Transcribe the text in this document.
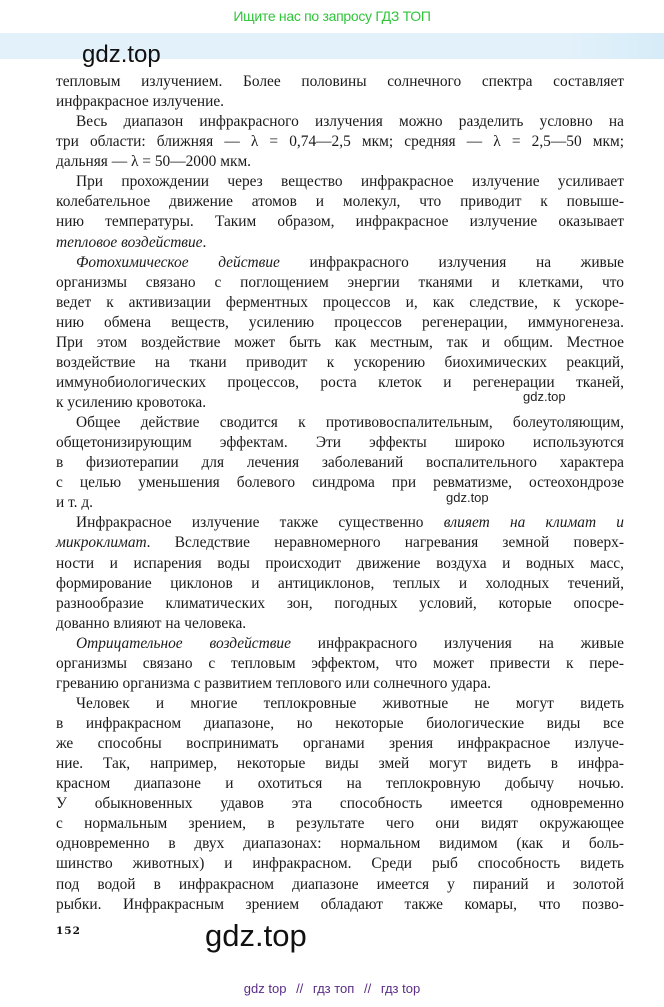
Ищите нас по запросу ГДЗ ТОП
gdz.top
тепловым излучением. Более половины солнечного спектра составляет
инфракрасное излучение.
Весь диапазон инфракрасного излучения можно разделить условно на
три области: ближняя — λ = 0,74—2,5 мкм; средняя — λ = 2,5—50 мкм;
дальняя — λ = 50—2000 мкм.
При прохождении через вещество инфракрасное излучение усиливает
колебательное движение атомов и молекул, что приводит к повыше-
нию температуры. Таким образом, инфракрасное излучение оказывает
тепловое воздействие.
Фотохимическое действие инфракрасного излучения на живые
организмы связано с поглощением энергии тканями и клетками, что
ведет к активизации ферментных процессов и, как следствие, к ускоре-
нию обмена веществ, усилению процессов регенерации, иммуногенеза.
При этом воздействие может быть как местным, так и общим. Местное
воздействие на ткани приводит к ускорению биохимических реакций,
иммунобиологических процессов, роста клеток и регенерации тканей,
к усилению кровотока.
Общее действие сводится к противовоспалительным, болеутоляющим,
общетонизирующим эффектам. Эти эффекты широко используются
в физиотерапии для лечения заболеваний воспалительного характера
с целью уменьшения болевого синдрома при ревматизме, остеохондрозе
и т. д.
Инфракрасное излучение также существенно влияет на климат и
микроклимат. Вследствие неравномерного нагревания земной поверх-
ности и испарения воды происходит движение воздуха и водных масс,
формирование циклонов и антициклонов, теплых и холодных течений,
разнообразие климатических зон, погодных условий, которые опосре-
дованно влияют на человека.
Отрицательное воздействие инфракрасного излучения на живые
организмы связано с тепловым эффектом, что может привести к пере-
греванию организма с развитием теплового или солнечного удара.
Человек и многие теплокровные животные не могут видеть
в инфракрасном диапазоне, но некоторые биологические виды все
же способны воспринимать органами зрения инфракрасное излуче-
ние. Так, например, некоторые виды змей могут видеть в инфра-
красном диапазоне и охотиться на теплокровную добычу ночью.
У обыкновенных удавов эта способность имеется одновременно
с нормальным зрением, в результате чего они видят окружающее
одновременно в двух диапазонах: нормальном видимом (как и боль-
шинство животных) и инфракрасном. Среди рыб способность видеть
под водой в инфракрасном диапазоне имеется у пираний и золотой
рыбки. Инфракрасным зрением обладают также комары, что позво-
gdz.top
gdz.top
152	gdz.top
gdz top // гдз топ // гдз top
